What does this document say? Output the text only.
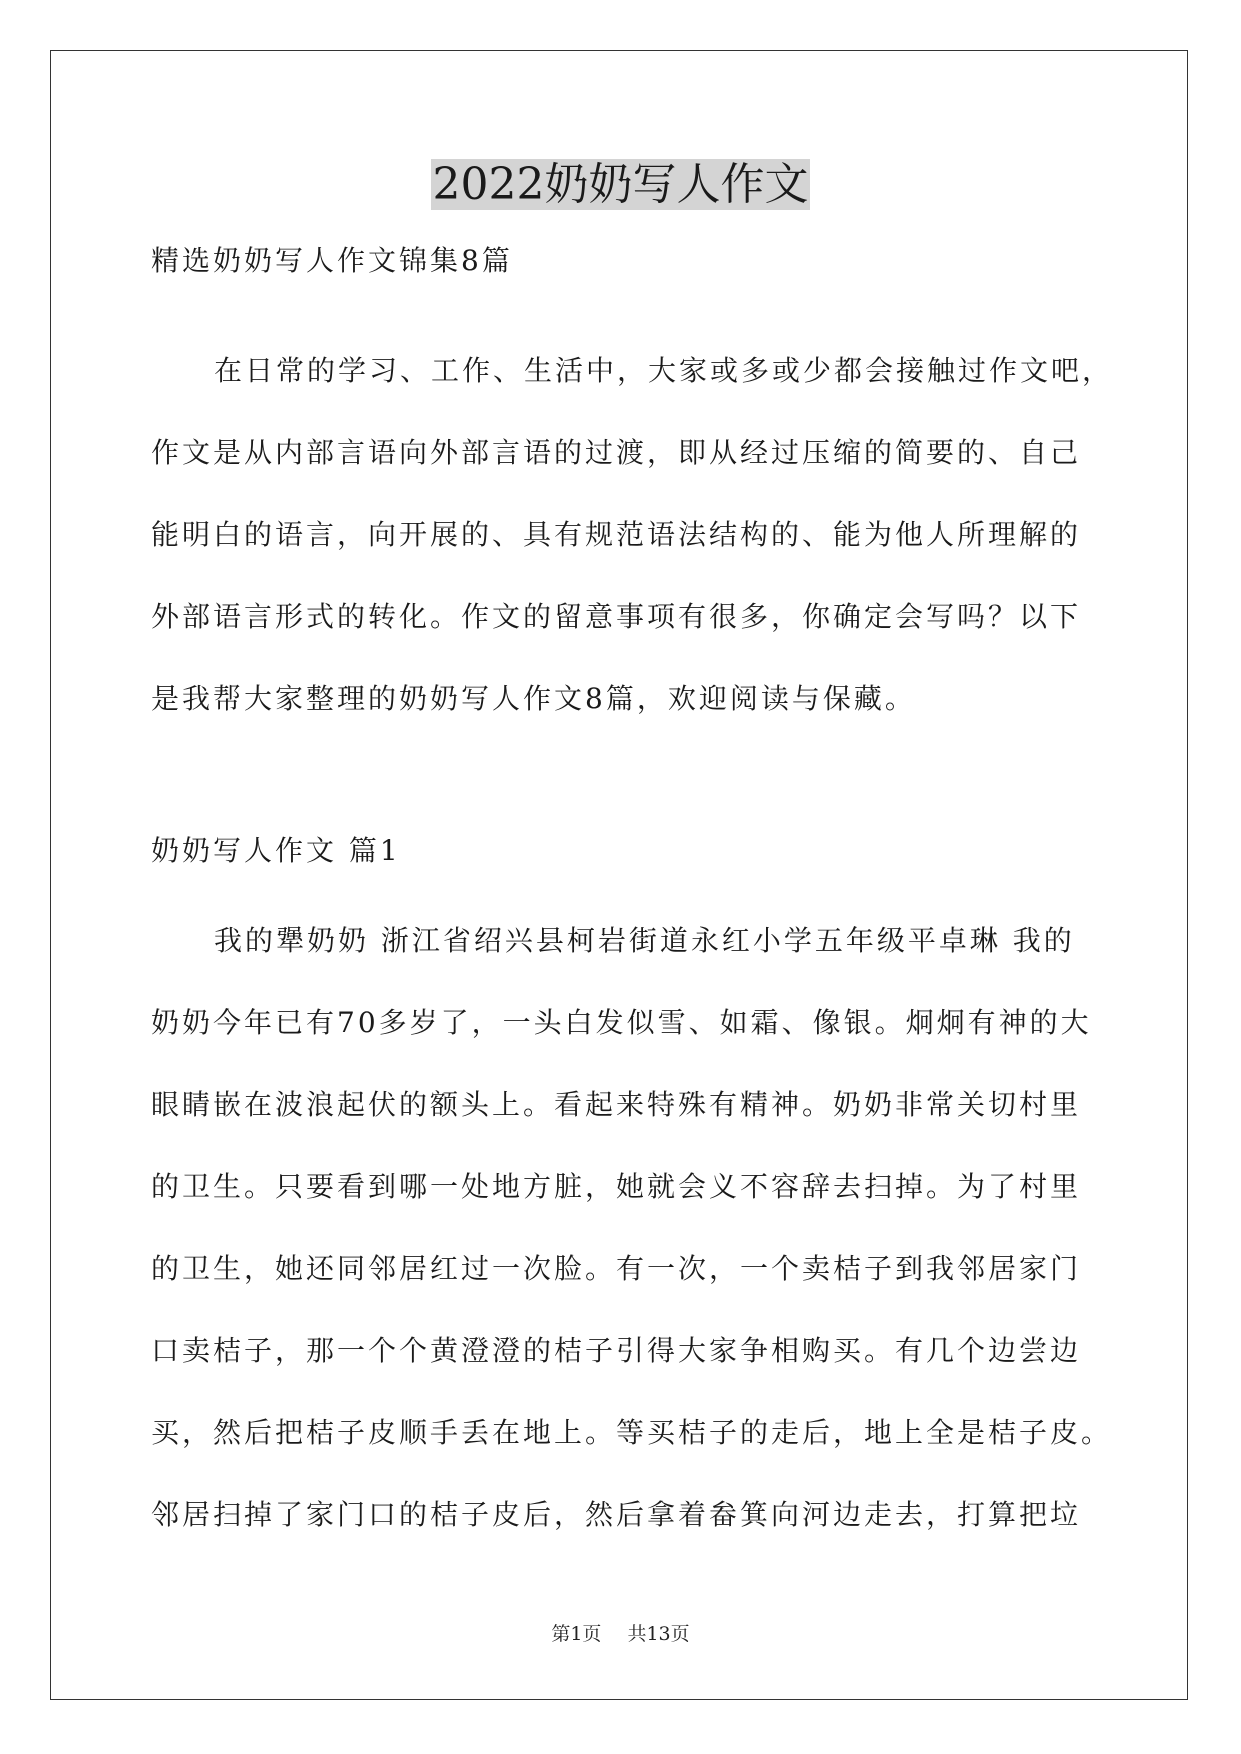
2022奶奶写人作文
精选奶奶写人作文锦集8篇
在日常的学习、工作、生活中，大家或多或少都会接触过作文吧，
作文是从内部言语向外部言语的过渡，即从经过压缩的简要的、自己
能明白的语言，向开展的、具有规范语法结构的、能为他人所理解的
外部语言形式的转化。作文的留意事项有很多，你确定会写吗？以下
是我帮大家整理的奶奶写人作文8篇，欢迎阅读与保藏。
奶奶写人作文 篇1
我的犟奶奶 浙江省绍兴县柯岩街道永红小学五年级平卓琳 我的
奶奶今年已有70多岁了，一头白发似雪、如霜、像银。炯炯有神的大
眼睛嵌在波浪起伏的额头上。看起来特殊有精神。奶奶非常关切村里
的卫生。只要看到哪一处地方脏，她就会义不容辞去扫掉。为了村里
的卫生，她还同邻居红过一次脸。有一次，一个卖桔子到我邻居家门
口卖桔子，那一个个黄澄澄的桔子引得大家争相购买。有几个边尝边
买，然后把桔子皮顺手丢在地上。等买桔子的走后，地上全是桔子皮。
邻居扫掉了家门口的桔子皮后，然后拿着畚箕向河边走去，打算把垃
第1页 共13页
